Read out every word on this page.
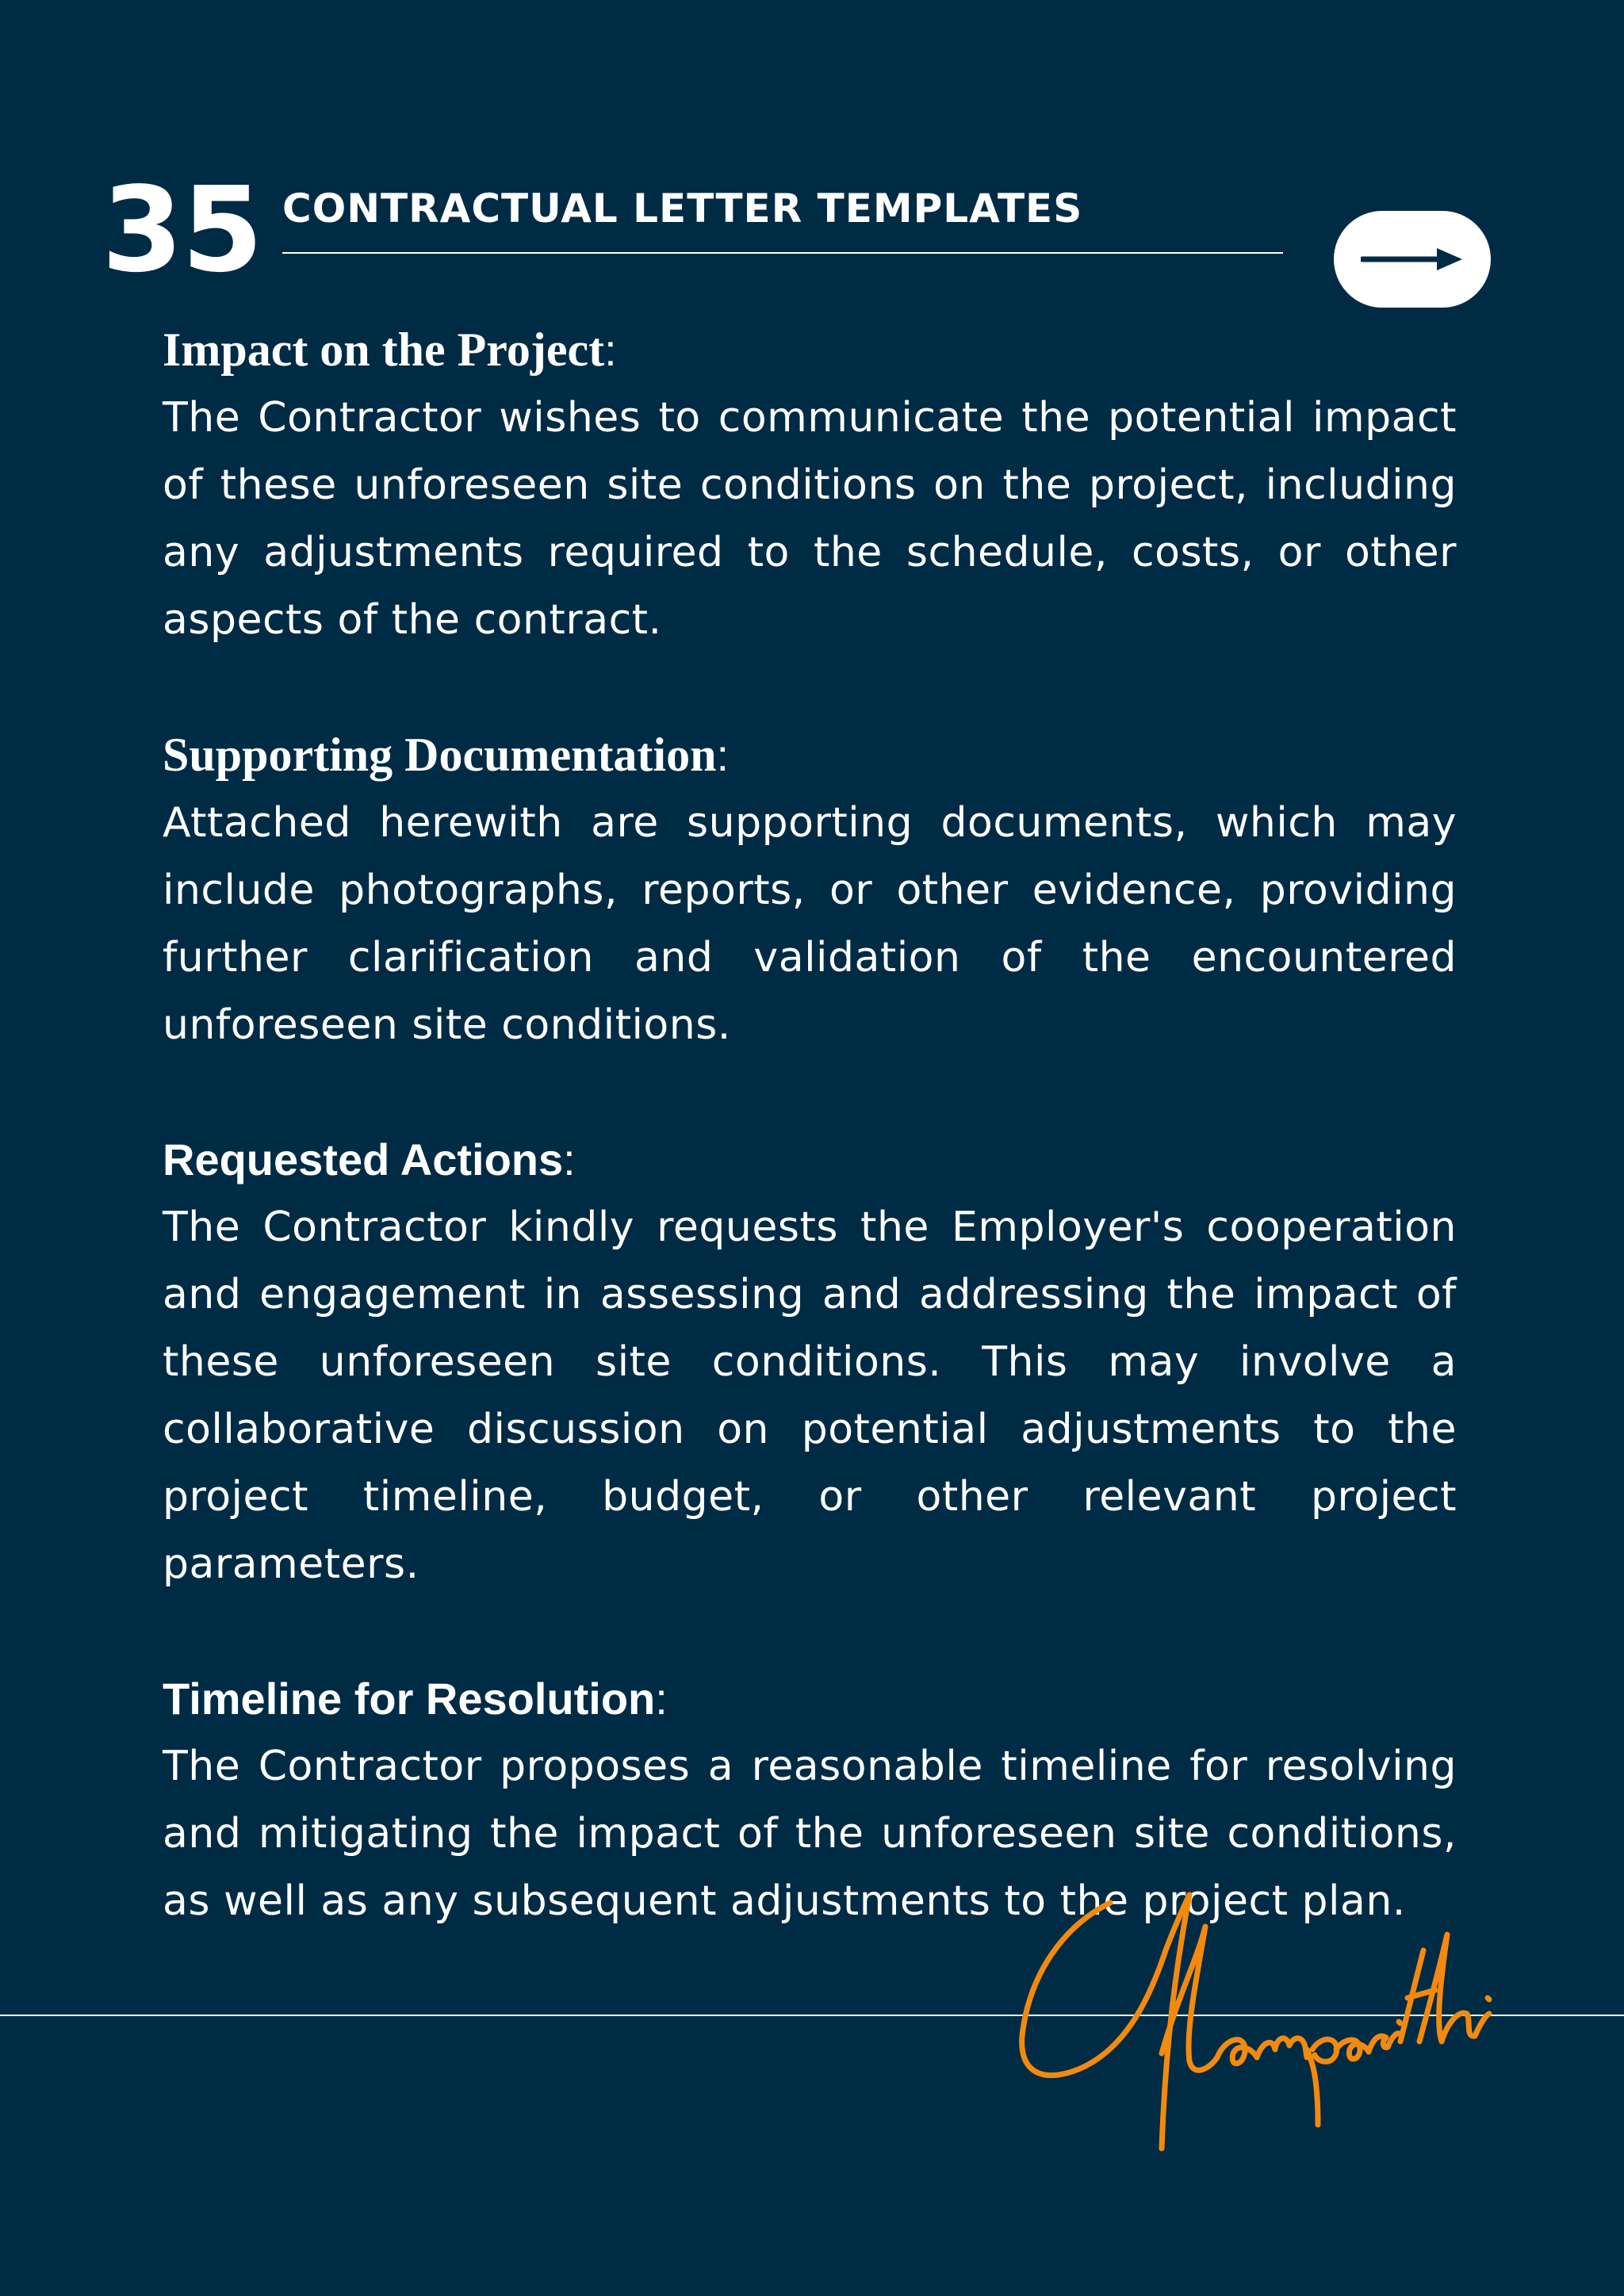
35 CONTRACTUAL LETTER TEMPLATES

Impact on the Project:

The Contractor wishes to communicate the potential impact of these unforeseen site conditions on the project, including any adjustments required to the schedule, costs, or other aspects of the contract.

Supporting Documentation:

Attached herewith are supporting documents, which may include photographs, reports, or other evidence, providing further clarification and validation of the encountered unforeseen site conditions.

Requested Actions:

The Contractor kindly requests the Employer's cooperation and engagement in assessing and addressing the impact of these unforeseen site conditions. This may involve a collaborative discussion on potential adjustments to the project timeline, budget, or other relevant project parameters.

Timeline for Resolution:

The Contractor proposes a reasonable timeline for resolving and mitigating the impact of the unforeseen site conditions, as well as any subsequent adjustments to the project plan.
